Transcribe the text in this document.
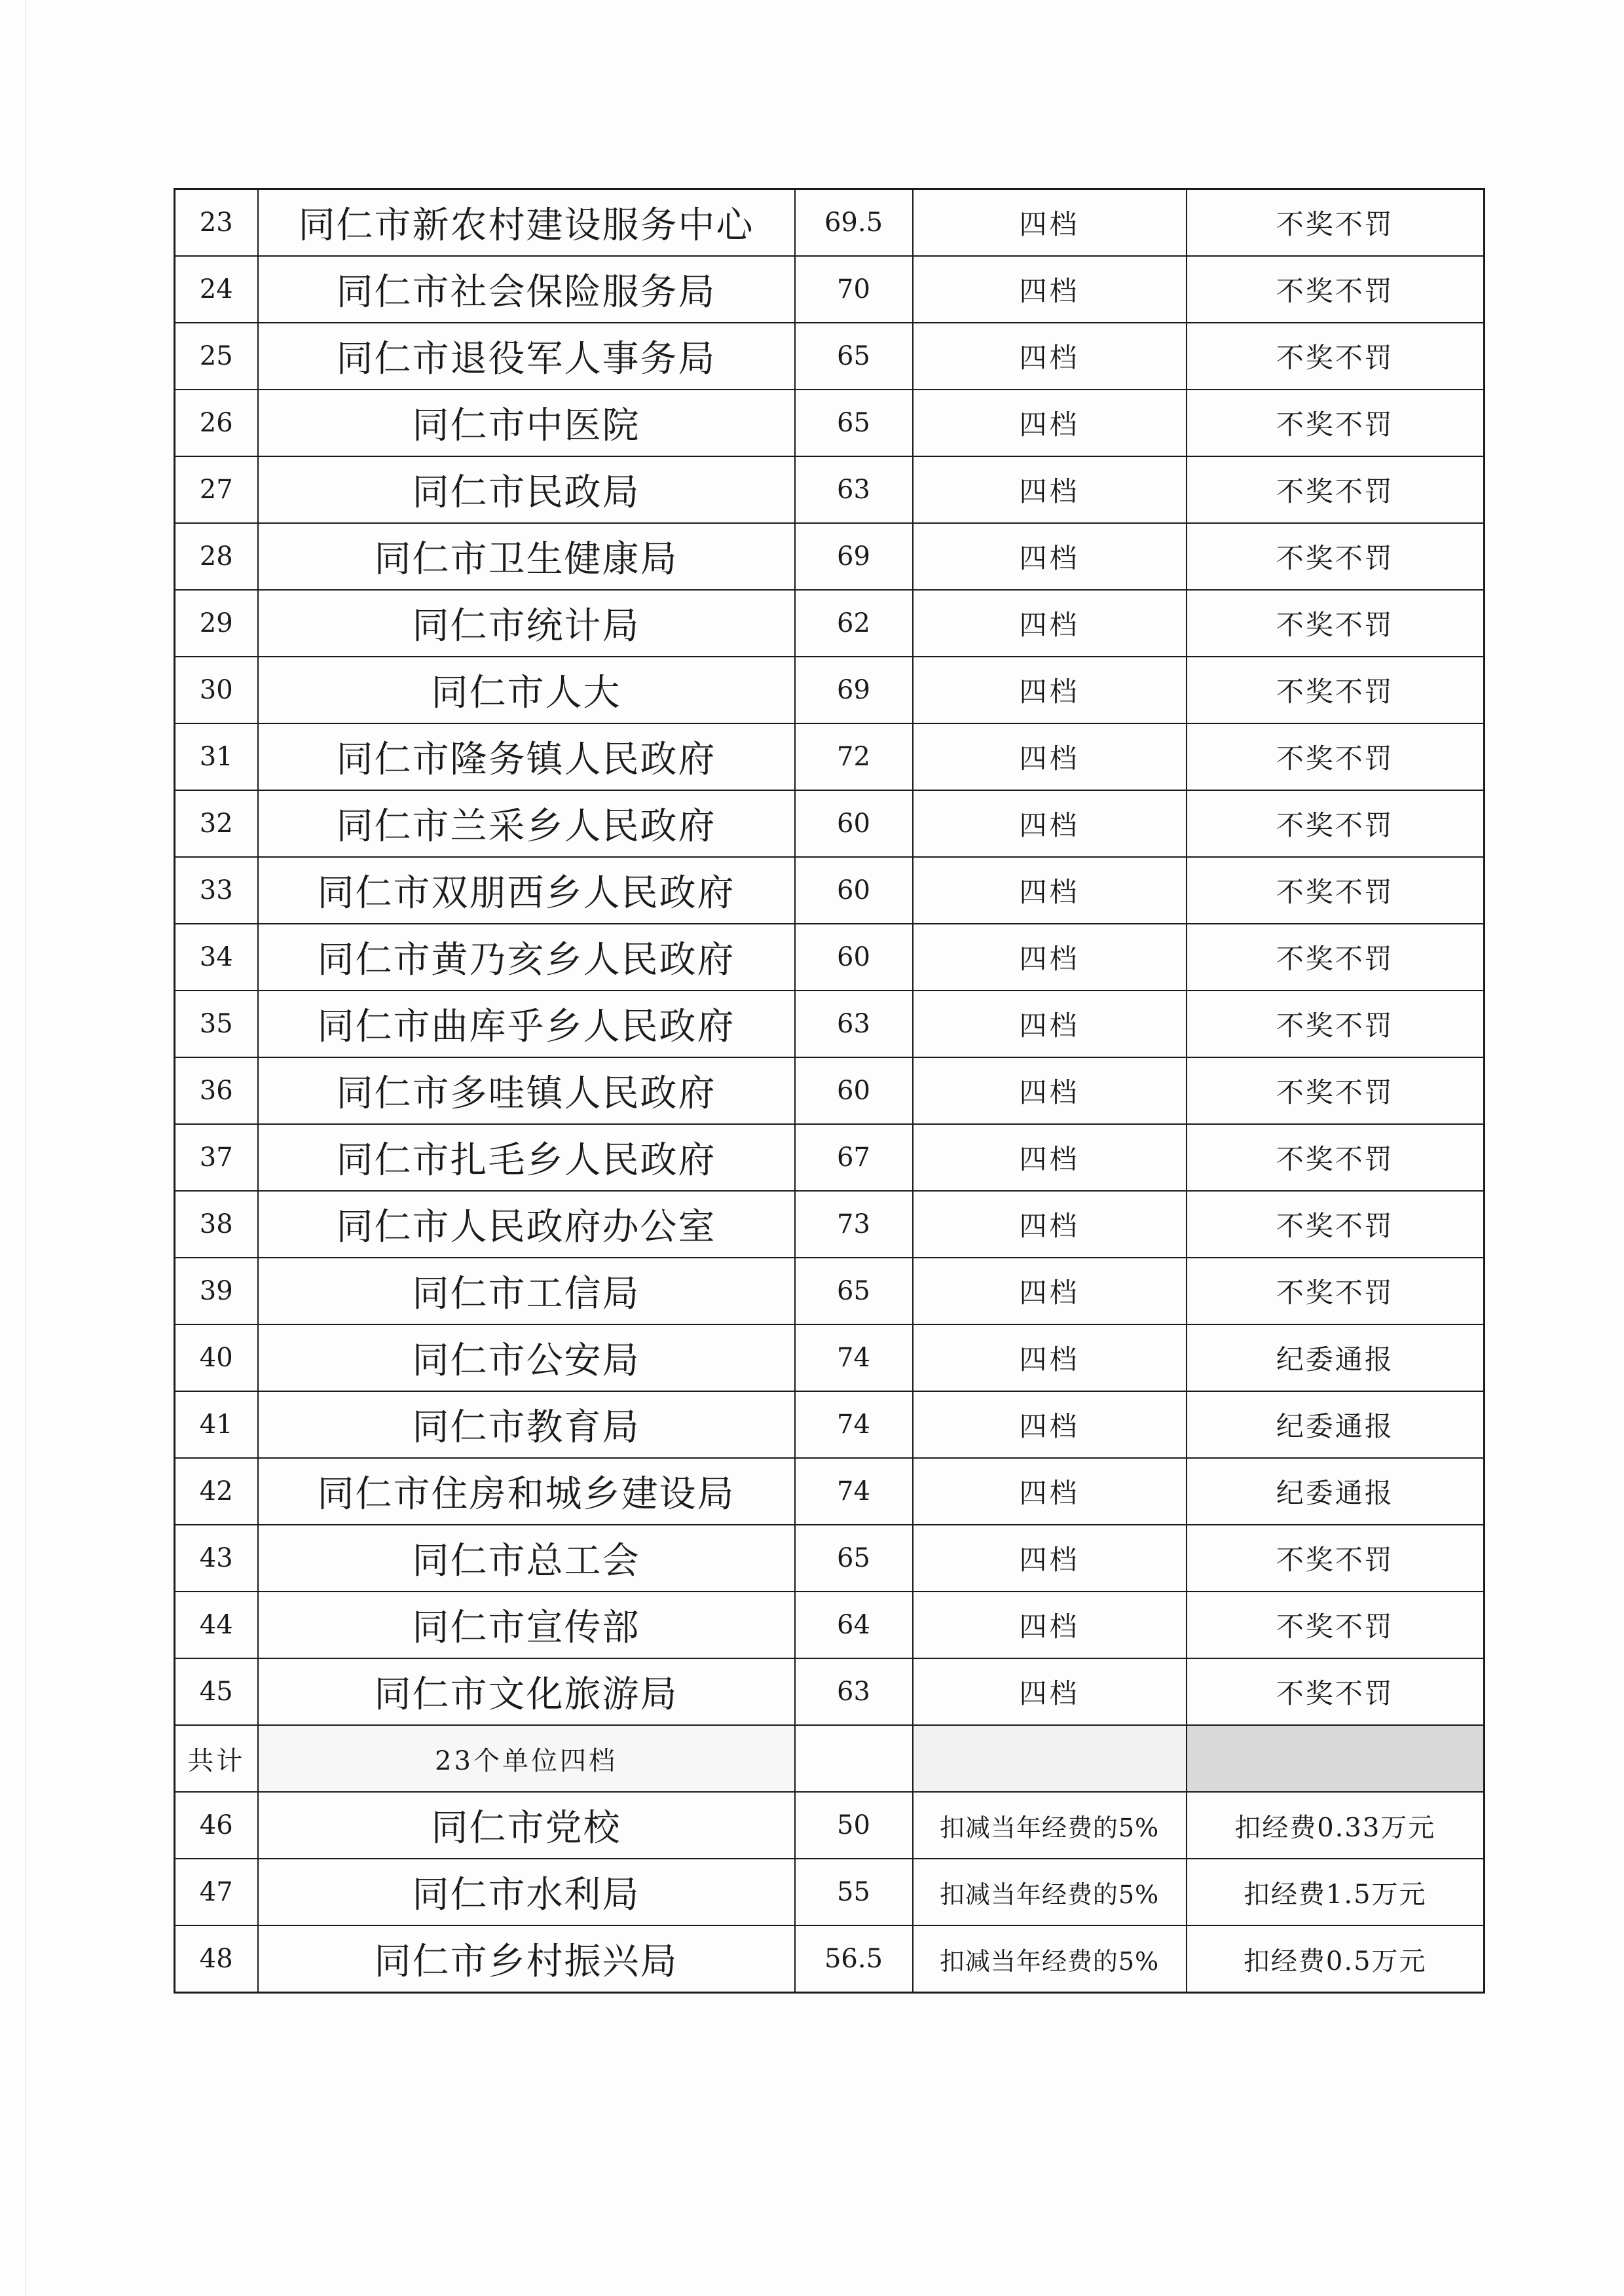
23	同仁市新农村建设服务中心	69.5	四档	不奖不罚
24	同仁市社会保险服务局	70	四档	不奖不罚
25	同仁市退役军人事务局	65	四档	不奖不罚
26	同仁市中医院	65	四档	不奖不罚
27	同仁市民政局	63	四档	不奖不罚
28	同仁市卫生健康局	69	四档	不奖不罚
29	同仁市统计局	62	四档	不奖不罚
30	同仁市人大	69	四档	不奖不罚
31	同仁市隆务镇人民政府	72	四档	不奖不罚
32	同仁市兰采乡人民政府	60	四档	不奖不罚
33	同仁市双朋西乡人民政府	60	四档	不奖不罚
34	同仁市黄乃亥乡人民政府	60	四档	不奖不罚
35	同仁市曲库乎乡人民政府	63	四档	不奖不罚
36	同仁市多哇镇人民政府	60	四档	不奖不罚
37	同仁市扎毛乡人民政府	67	四档	不奖不罚
38	同仁市人民政府办公室	73	四档	不奖不罚
39	同仁市工信局	65	四档	不奖不罚
40	同仁市公安局	74	四档	纪委通报
41	同仁市教育局	74	四档	纪委通报
42	同仁市住房和城乡建设局	74	四档	纪委通报
43	同仁市总工会	65	四档	不奖不罚
44	同仁市宣传部	64	四档	不奖不罚
45	同仁市文化旅游局	63	四档	不奖不罚
共计	23个单位四档			
46	同仁市党校	50	扣减当年经费的5%	扣经费0.33万元
47	同仁市水利局	55	扣减当年经费的5%	扣经费1.5万元
48	同仁市乡村振兴局	56.5	扣减当年经费的5%	扣经费0.5万元
